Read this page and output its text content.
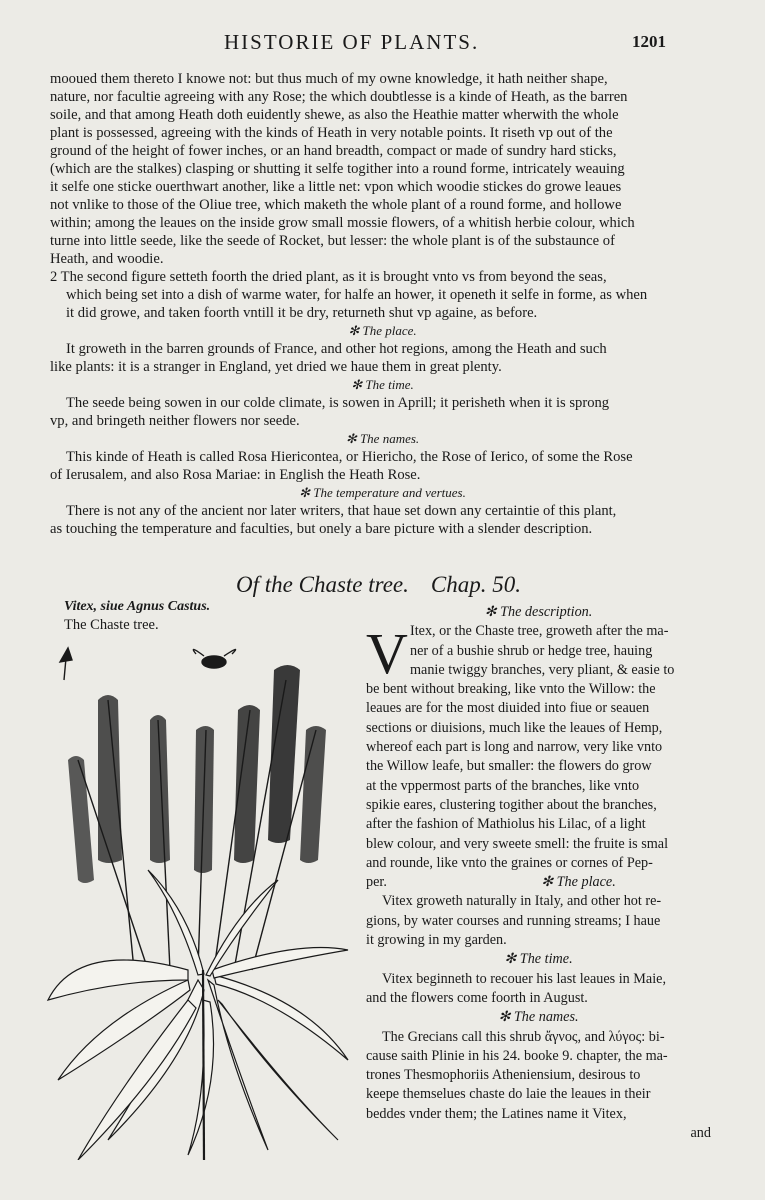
HISTORIE OF PLANTS.	1201
mooued them thereto I knowe not: but thus much of my owne knowledge, it hath neither shape,
nature, nor facultie agreeing with any Rose; the which doubtlesse is a kinde of Heath, as the barren
soile, and that among Heath doth euidently shewe, as also the Heathie matter wherwith the whole
plant is possessed, agreeing with the kinds of Heath in very notable points. It riseth vp out of the
ground of the height of fower inches, or an hand breadth, compact or made of sundry hard sticks,
(which are the stalkes) clasping or shutting it selfe togither into a round forme, intricately weauing
it selfe one sticke ouerthwart another, like a little net: vpon which woodie stickes do growe leaues
not vnlike to those of the Oliue tree, which maketh the whole plant of a round forme, and hollowe
within; among the leaues on the inside grow small mossie flowers, of a whitish herbie colour, which
turne into little seede, like the seede of Rocket, but lesser: the whole plant is of the substaunce of
Heath, and woodie.
2 The second figure setteth foorth the dried plant, as it is brought vnto vs from beyond the seas,
which being set into a dish of warme water, for halfe an hower, it openeth it selfe in forme, as when
it did growe, and taken foorth vntill it be dry, returneth shut vp againe, as before.
✻ The place.
It groweth in the barren grounds of France, and other hot regions, among the Heath and such
like plants: it is a stranger in England, yet dried we haue them in great plenty.
✻ The time.
The seede being sowen in our colde climate, is sowen in Aprill; it perisheth when it is sprong
vp, and bringeth neither flowers nor seede.
✻ The names.
This kinde of Heath is called Rosa Hiericontea, or Hiericho, the Rose of Ierico, of some the Rose
of Ierusalem, and also Rosa Mariae: in English the Heath Rose.
✻ The temperature and vertues.
There is not any of the ancient nor later writers, that haue set down any certaintie of this plant,
as touching the temperature and faculties, but onely a bare picture with a slender description.
Of the Chaste tree. Chap. 50.
Vitex, siue Agnus Castus.
The Chaste tree.	V
✻ The description.
Itex, or the Chaste tree, groweth after the ma-
ner of a bushie shrub or hedge tree, hauing
manie twiggy branches, very pliant, & easie to
be bent without breaking, like vnto the Willow: the
leaues are for the most diuided into fiue or seauen
sections or diuisions, much like the leaues of Hemp,
whereof each part is long and narrow, very like vnto
the Willow leafe, but smaller: the flowers do grow
at the vppermost parts of the branches, like vnto
spikie eares, clustering togither about the branches,
after the fashion of Mathiolus his Lilac, of a light
blew colour, and very sweete smell: the fruite is smal
and rounde, like vnto the graines or cornes of Pep-
per.	✻ The place.
Vitex groweth naturally in Italy, and other hot re-
gions, by water courses and running streams; I haue
it growing in my garden.
✻ The time.
Vitex beginneth to recouer his last leaues in Maie,
and the flowers come foorth in August.
✻ The names.
The Grecians call this shrub ἄγνος, and λύγος: bi-
cause saith Plinie in his 24. booke 9. chapter, the ma-
trones Thesmophoriis Atheniensium, desirous to
keepe themselues chaste do laie the leaues in their
beddes vnder them; the Latines name it Vitex,
and
